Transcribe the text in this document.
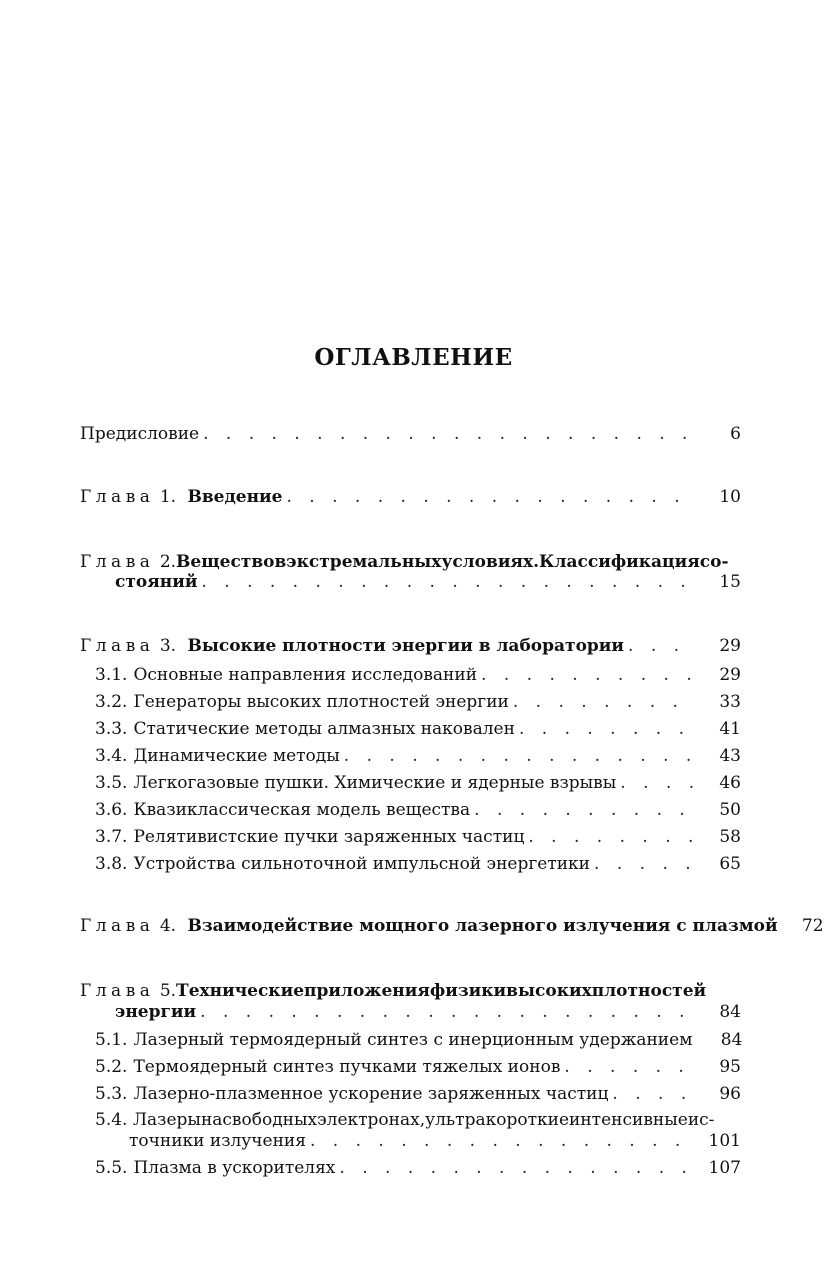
ОГЛАВЛЕНИЕ
Предисловие . . .	6
Глава 1. Введение . . .	10
Глава 2. Вещество в экстремальных условиях. Классификация со-
стояний . . .	15
Глава 3. Высокие плотности энергии в лаборатории . . .	29
3.1. Основные направления исследований . . .	29
3.2. Генераторы высоких плотностей энергии . . .	33
3.3. Статические методы алмазных наковален . . .	41
3.4. Динамические методы . . .	43
3.5. Легкогазовые пушки. Химические и ядерные взрывы . . .	46
3.6. Квазиклассическая модель вещества . . .	50
3.7. Релятивистские пучки заряженных частиц . . .	58
3.8. Устройства сильноточной импульсной энергетики . . .	65
Глава 4. Взаимодействие мощного лазерного излучения с плазмой	72
Глава 5. Технические приложения физики высоких плотностей
энергии . . .	84
5.1. Лазерный термоядерный синтез с инерционным удержанием	84
5.2. Термоядерный синтез пучками тяжелых ионов . . .	95
5.3. Лазерно-плазменное ускорение заряженных частиц . . .	96
5.4. Лазеры на свободных электронах, ультракороткие интенсивные ис-
точники излучения . . .	101
5.5. Плазма в ускорителях . . .	107
